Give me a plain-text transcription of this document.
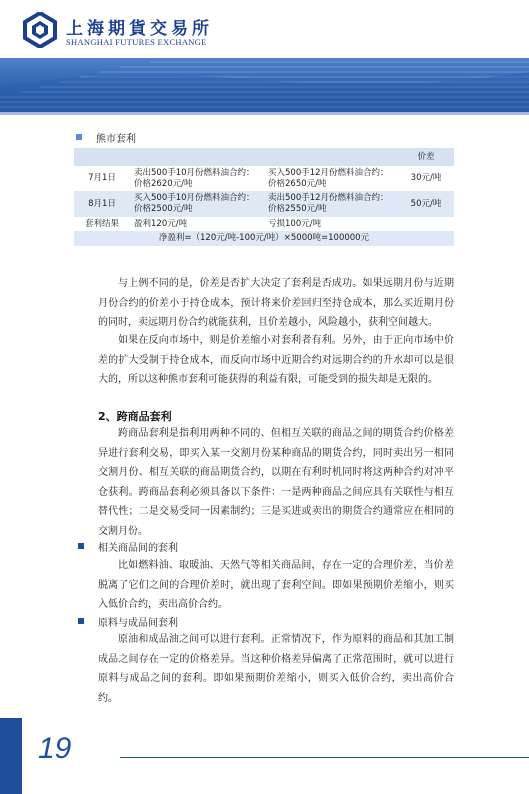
上海期貨交易所
SHANGHAI FUTURES EXCHANGE
熊市套利
			价差
7月1日	卖出500手10月份燃料油合约：价格2620元/吨	买入500手12月份燃料油合约：价格2650元/吨	30元/吨
8月1日	买入500手10月份燃料油合约：价格2500元/吨	卖出500手12月份燃料油合约：价格2550元/吨	50元/吨
套利结果	盈利120元/吨	亏损100元/吨	
净盈利=（120元/吨-100元/吨）×5000吨=100000元			

与上例不同的是，价差是否扩大决定了套利是否成功。如果远期月份与近期月份合约的价差小于持仓成本，预计将来价差回归至持仓成本，那么买近期月份的同时，卖远期月份合约就能获利，且价差越小，风险越小，获利空间越大。

如果在反向市场中，则是价差缩小对套利者有利。另外，由于正向市场中价差的扩大受制于持仓成本，而反向市场中近期合约对远期合约的升水却可以是很大的，所以这种熊市套利可能获得的利益有限，可能受到的损失却是无限的。

2、跨商品套利

跨商品套利是指利用两种不同的、但相互关联的商品之间的期货合约价格差异进行套利交易，即买入某一交割月份某种商品的期货合约，同时卖出另一相同交割月份、相互关联的商品期货合约，以期在有利时机同时将这两种合约对冲平仓获利。跨商品套利必须具备以下条件：一是两种商品之间应具有关联性与相互替代性；二是交易受同一因素制约；三是买进或卖出的期货合约通常应在相同的交割月份。

相关商品间的套利

比如燃料油、取暖油、天然气等相关商品间，存在一定的合理价差，当价差脱离了它们之间的合理价差时，就出现了套利空间。即如果预期价差缩小，则买入低价合约，卖出高价合约。

原料与成品间套利

原油和成品油之间可以进行套利。正常情况下，作为原料的商品和其加工制成品之间存在一定的价格差异。当这种价格差异偏离了正常范围时，就可以进行原料与成品之间的套利。即如果预期价差缩小，则买入低价合约，卖出高价合约。

19
